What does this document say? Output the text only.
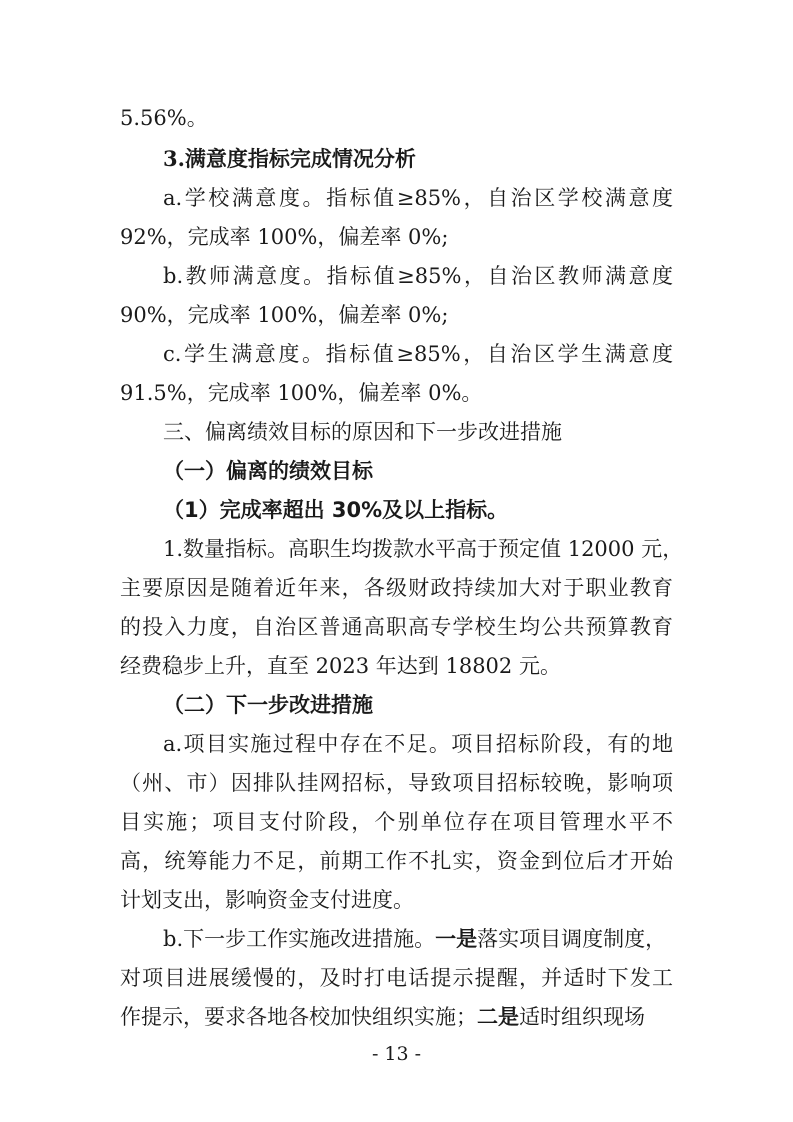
5.56%。
3.满意度指标完成情况分析
a.学校满意度。指标值≥85%，自治区学校满意度
92%，完成率 100%，偏差率 0%;
b.教师满意度。指标值≥85%，自治区教师满意度
90%，完成率 100%，偏差率 0%;
c.学生满意度。指标值≥85%，自治区学生满意度
91.5%，完成率 100%，偏差率 0%。
三、偏离绩效目标的原因和下一步改进措施
（一）偏离的绩效目标
（1）完成率超出 30%及以上指标。
1.数量指标。高职生均拨款水平高于预定值 12000 元，
主要原因是随着近年来，各级财政持续加大对于职业教育
的投入力度，自治区普通高职高专学校生均公共预算教育
经费稳步上升，直至 2023 年达到 18802 元。
（二）下一步改进措施
a.项目实施过程中存在不足。项目招标阶段，有的地
（州、市）因排队挂网招标，导致项目招标较晚，影响项
目实施；项目支付阶段，个别单位存在项目管理水平不
高，统筹能力不足，前期工作不扎实，资金到位后才开始
计划支出，影响资金支付进度。
b.下一步工作实施改进措施。一是落实项目调度制度，
对项目进展缓慢的，及时打电话提示提醒，并适时下发工
作提示，要求各地各校加快组织实施；二是适时组织现场
- 13 -
